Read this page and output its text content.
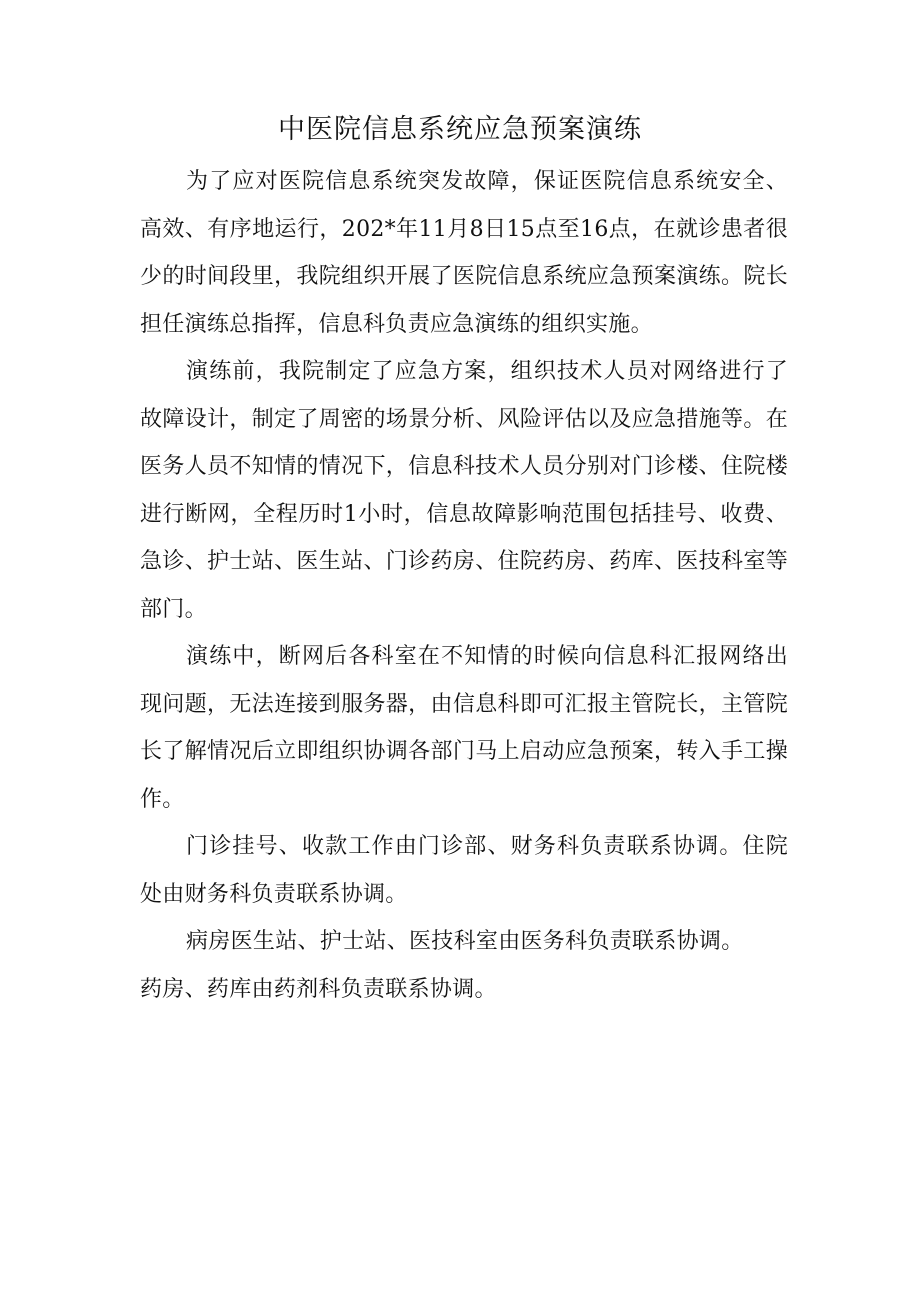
中医院信息系统应急预案演练

为了应对医院信息系统突发故障，保证医院信息系统安全、高效、有序地运行，202*年11月8日15点至16点，在就诊患者很少的时间段里，我院组织开展了医院信息系统应急预案演练。院长担任演练总指挥，信息科负责应急演练的组织实施。

演练前，我院制定了应急方案，组织技术人员对网络进行了故障设计，制定了周密的场景分析、风险评估以及应急措施等。在医务人员不知情的情况下，信息科技术人员分别对门诊楼、住院楼进行断网，全程历时1小时，信息故障影响范围包括挂号、收费、急诊、护士站、医生站、门诊药房、住院药房、药库、医技科室等部门。

演练中，断网后各科室在不知情的时候向信息科汇报网络出现问题，无法连接到服务器，由信息科即可汇报主管院长，主管院长了解情况后立即组织协调各部门马上启动应急预案，转入手工操作。

门诊挂号、收款工作由门诊部、财务科负责联系协调。住院处由财务科负责联系协调。

病房医生站、护士站、医技科室由医务科负责联系协调。

药房、药库由药剂科负责联系协调。
